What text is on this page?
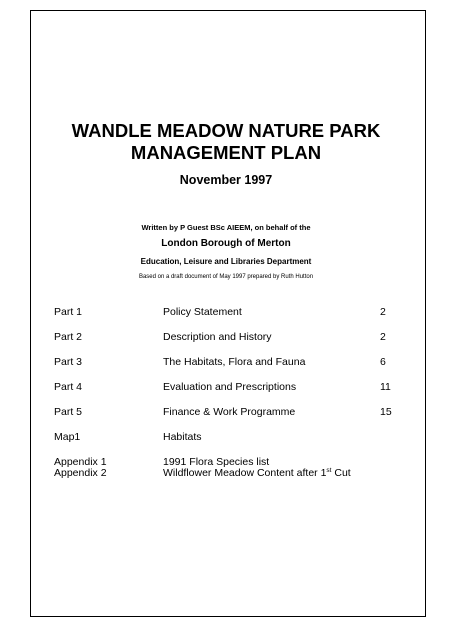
WANDLE MEADOW NATURE PARK
MANAGEMENT PLAN
November 1997
Written by P Guest BSc AIEEM, on behalf of the
London Borough of Merton
Education, Leisure and Libraries Department
Based on a draft document of May 1997 prepared by Ruth Hutton
Part 1	Policy Statement	2
Part 2	Description and History	2
Part 3	The Habitats, Flora and Fauna	6
Part 4	Evaluation and Prescriptions	11
Part 5	Finance & Work Programme	15
Map1	Habitats
Appendix 1	1991 Flora Species list
Appendix 2	Wildflower Meadow Content after 1st Cut
